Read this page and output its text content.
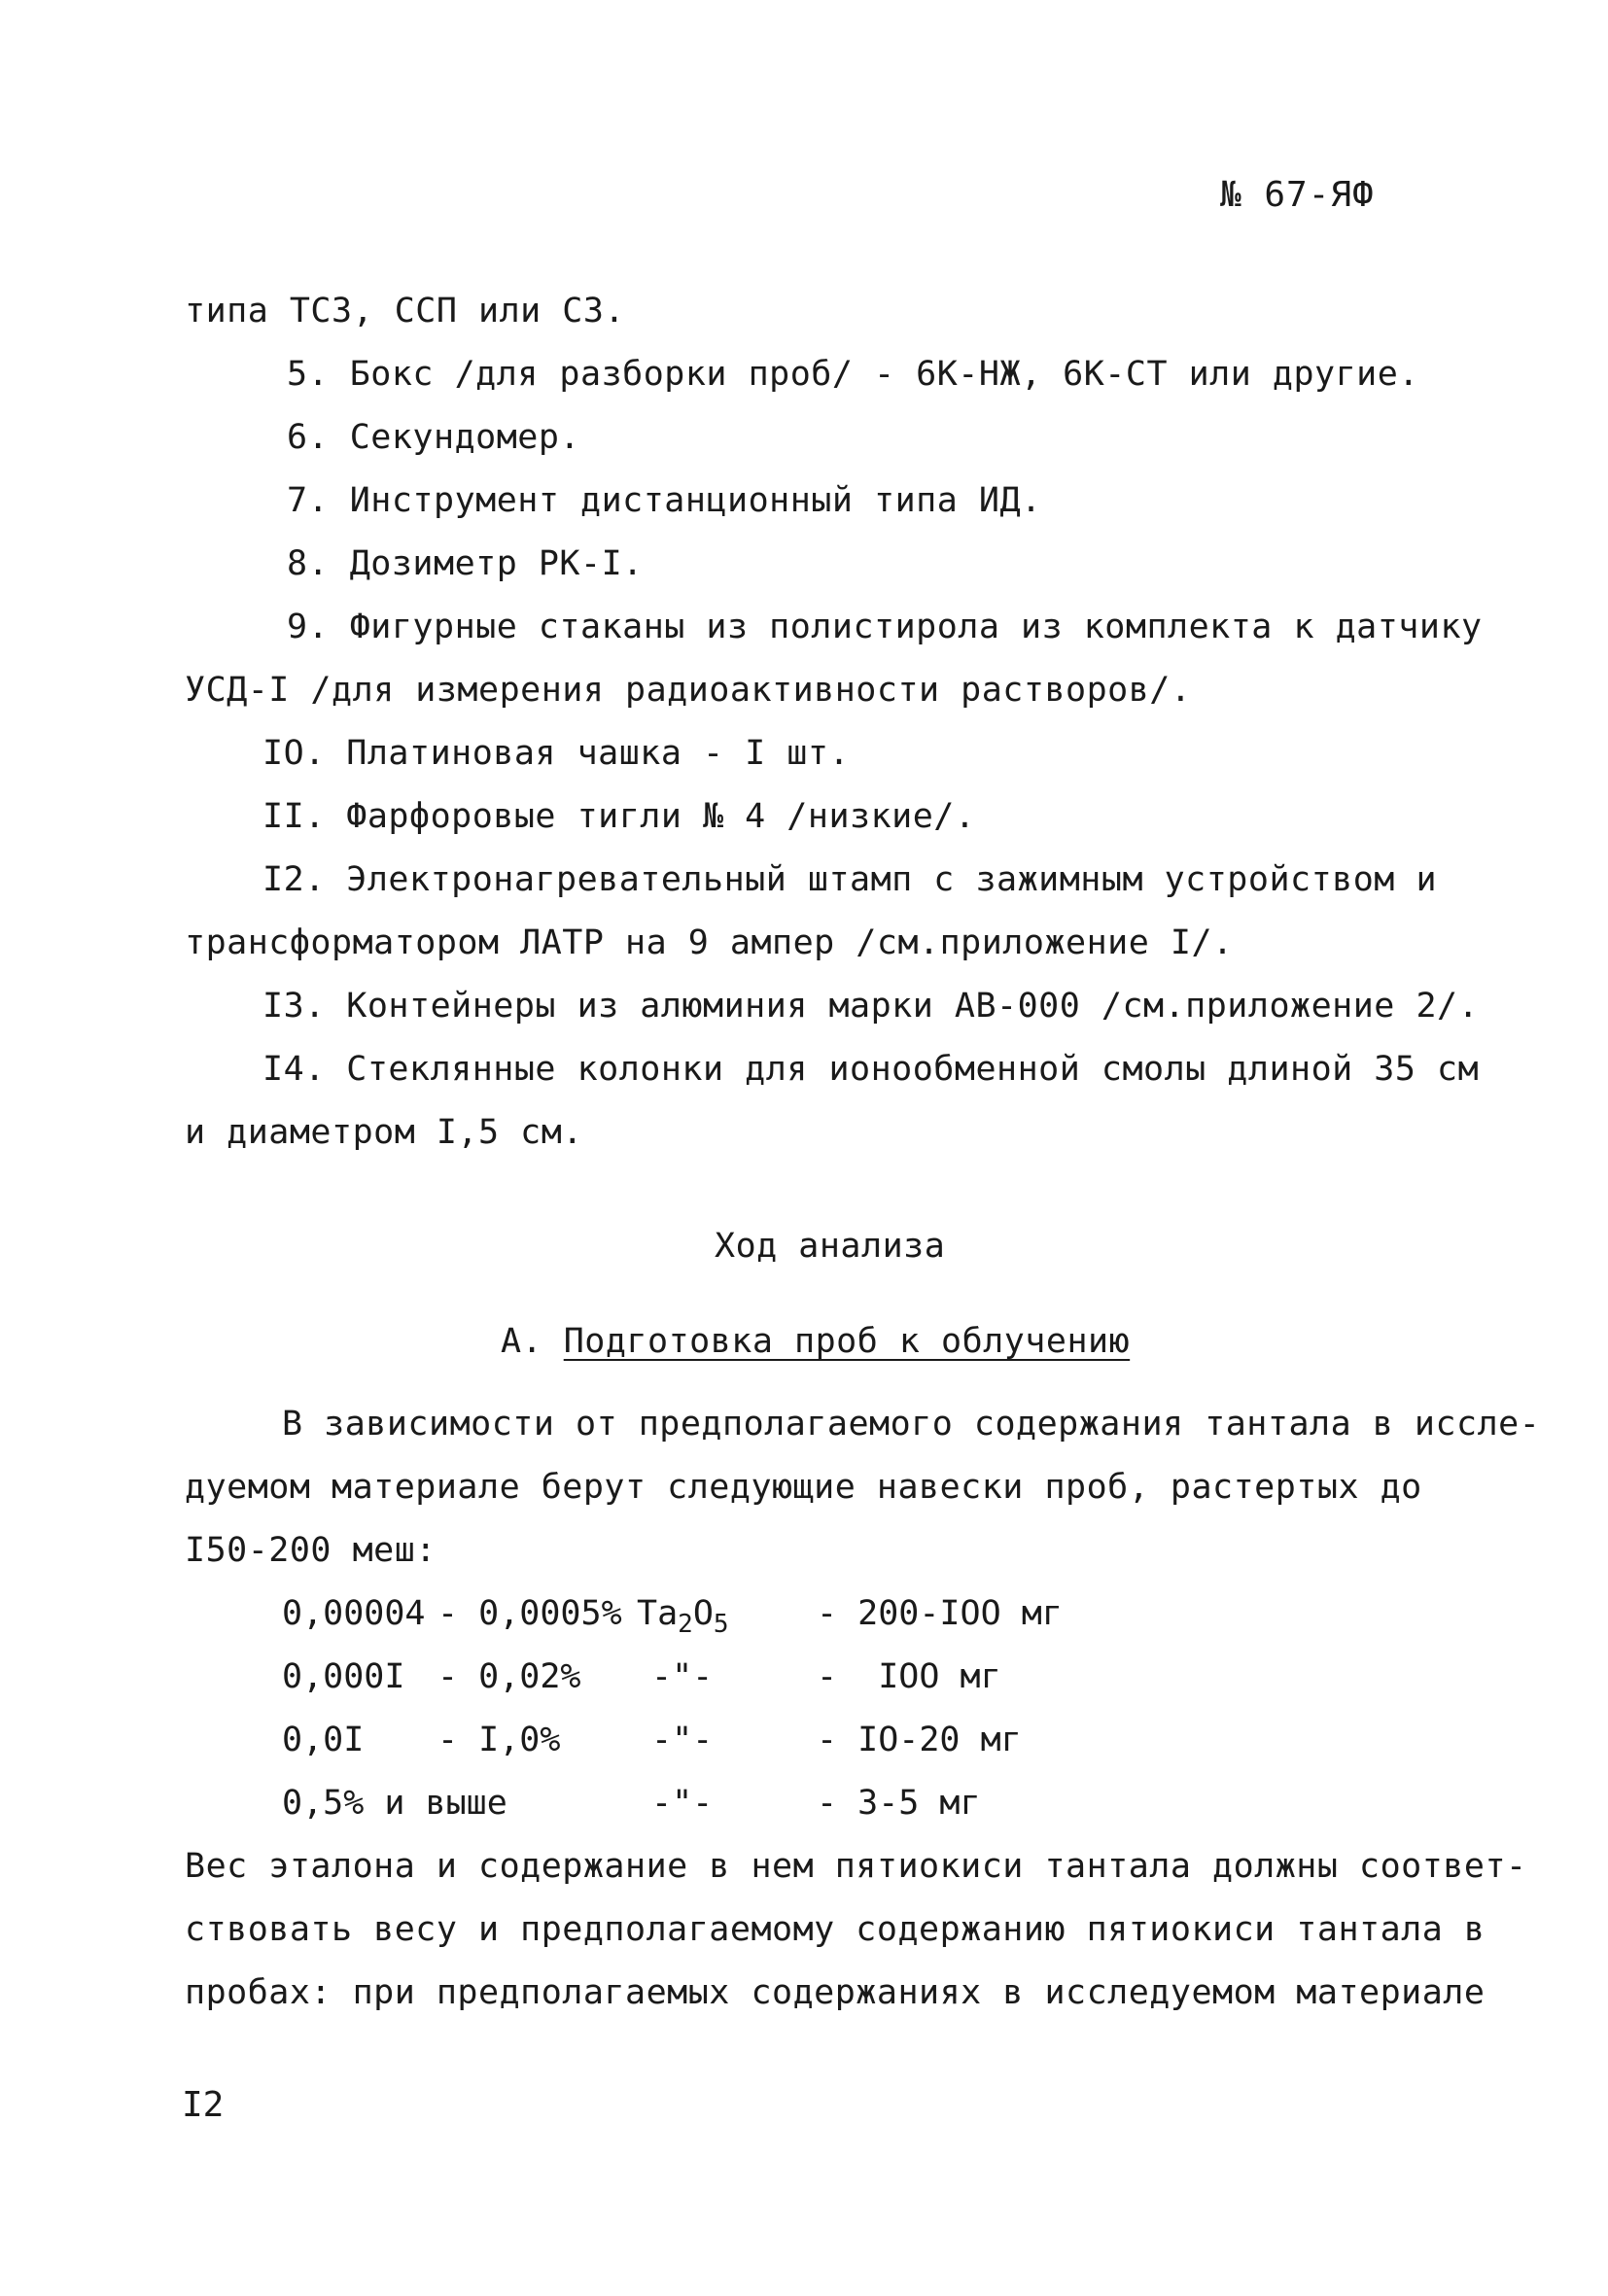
№ 67-ЯФ
типа ТСЗ, ССП или СЗ.
5. Бокс /для разборки проб/ - 6К-НЖ, 6К-СТ или другие.
6. Секундомер.
7. Инструмент дистанционный типа ИД.
8. Дозиметр РК-I.
9. Фигурные стаканы из полистирола из комплекта к датчику
УСД-I /для измерения радиоактивности растворов/.
IO. Платиновая чашка - I шт.
II. Фарфоровые тигли № 4 /низкие/.
I2. Электронагревательный штамп с зажимным устройством и
трансформатором ЛАТР на 9 ампер /см.приложение I/.
I3. Контейнеры из алюминия марки АВ-000 /см.приложение 2/.
I4. Стеклянные колонки для ионообменной смолы длиной 35 см
и диаметром I,5 см.
Ход анализа
А. Подготовка проб к облучению
В зависимости от предполагаемого содержания тантала в иссле-
дуемом материале берут следующие навески проб, растертых до
I50-200 меш:
0,00004 - 0,0005% $Ta_2O_5$	- 200-IOO мг
0,000I - 0,02% -"-	-  IOO мг
0,0I - I,0%	-"-	- IO-20 мг
0,5% и выше	-"-	- 3-5 мг
Вес эталона и содержание в нем пятиокиси тантала должны соответ-
ствовать весу и предполагаемому содержанию пятиокиси тантала в
пробах: при предполагаемых содержаниях в исследуемом материале
I2
